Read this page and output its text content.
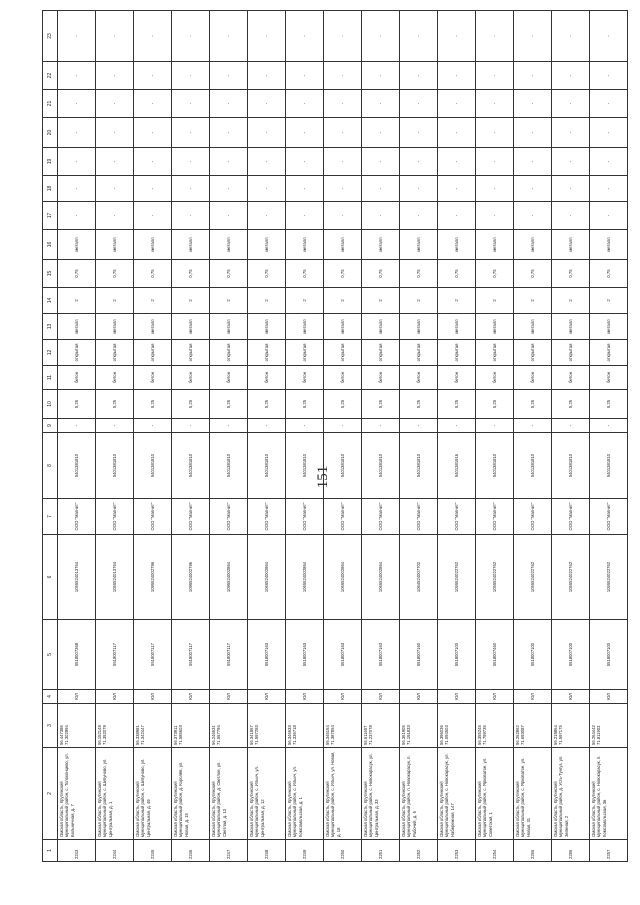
151
1	2	3	4	5	6	7	8	9	10	11	12	13	14	15	16	17	18	19	20	21	22	23
2243	Омская область, Крутинский муниципальный район, с. Толоконцево, ул. Больничная, д. 7	56.447386
71.302994	ЮЛ	5518007368	1055524013764	ООО "Магнит"	5401381810	-	5,25	бетон	открытая	металл	2	0,75	металл	-	-	-	-	-	-	-
2244	Омская область, Крутинский муниципальный район, с. Шипуново, ул. Центральная, д. 1	56.152149
71.352079	ЮЛ	5518007117	1055524013764	ООО "Магнит"	5401381810	-	5,25	бетон	открытая	металл	2	0,75	металл	-	-	-	-	-	-	-
2245	Омская область, Крутинский муниципальный район, с. Шипуново, ул. Центральная, д. 49	56.338981
71.342447	ЮЛ	5518007117	1095524002796	ООО "Магнит"	5401381810	-	5,25	бетон	открытая	металл	2	0,75	металл	-	-	-	-	-	-	-
2246	Омская область, Крутинский муниципальный район, д. Королёв, ул. Новая, д. 15	56.373911
71.585603	ЮЛ	5518007117	1095524002796	ООО "Магнит"	5401381810	-	5,25	бетон	открытая	металл	2	0,75	металл	-	-	-	-	-	-	-
2247	Омская область, Крутинский муниципальный район, д. Светлое, ул. Светлая, д. 13	56.246531
71.557794	ЮЛ	5518007117	1095524002864	ООО "Магнит"	5401381810	-	5,25	бетон	открытая	металл	2	0,75	металл	-	-	-	-	-	-	-
2248	Омская область, Крутинский муниципальный район, с. Ильич, ул. Центральная, д. 12	56.341867
71.597293	ЮЛ	5518007163	1065524002864	ООО "Магнит"	5401381810	-	5,25	бетон	открытая	металл	2	0,75	металл	-	-	-	-	-	-	-
2249	Омская область, Крутинский муниципальный район, с. Ильич, ул. Комсомольская, д. 1	56.346633
71.336718	ЮЛ	5518007163	1065524002864	ООО "Магнит"	5401381810	-	5,25	бетон	открытая	металл	2	0,75	металл	-	-	-	-	-	-	-
2250	Омская область, Крутинский муниципальный район, с. Ильич, ул. Новая, д. 18	56.346164
71.387854	ЮЛ	5518007163	1065524002864	ООО "Магнит"	5401381810	-	5,25	бетон	открытая	металл	2	0,75	металл	-	-	-	-	-	-	-
2251	Омская область, Крутинский муниципальный район, с. Новокарасук, ул. Центральная, д. 33	56.611657
71.237078	ЮЛ	5518007163	1065524002864	ООО "Магнит"	5401381810	-	5,25	бетон	открытая	металл	2	0,75	металл	-	-	-	-	-	-	-
2252	Омская область, Крутинский муниципальный район, п. Новокарасук, п. Рабочий, д. 6	56.361905
71.191833	ЮЛ	5518007160	1064524007702	ООО "Магнит"	5401381810	-	5,25	бетон	открытая	металл	2	0,75	металл	-	-	-	-	-	-	-
2253	Омская область, Крутинский муниципальный район, с. Новокарасук, ул. Набережная, 147	56.396036
71.094503	ЮЛ	5518007100	1055524022762	ООО "Магнит"	5401381916	-	5,25	бетон	открытая	металл	2	0,75	металл	-	-	-	-	-	-	-
2254	Омская область, Крутинский муниципальный район, с. Ярковатое, ул. Советская, 1	56.355245
71.799735	ЮЛ	5518007460	1055524022762	ООО "Магнит"	5401381810	-	5,25	бетон	открытая	металл	2	0,75	металл	-	-	-	-	-	-	-
2255	Омская область, Крутинский муниципальный район, с. Ярковатое, ул. Новая, 31	56.262862
71.693087	ЮЛ	5518007100	1055524022762	ООО "Магнит"	5401381810	-	5,25	бетон	открытая	металл	2	0,75	металл	-	-	-	-	-	-	-
2256	Омская область, Крутинский муниципальный район, д. Усть-Тунгуз, ул. Зеленая, 2	56.219864
71.597175	ЮЛ	5518007100	1055524022762	ООО "Магнит"	5401381810	-	5,25	бетон	открытая	металл	2	0,75	металл	-	-	-	-	-	-	-
2257	Омская область, Крутинский муниципальный район, с. Новокарасук, п. Комсомольская, 3в	56.264442
71.811903	ЮЛ	5518007100	1055524022762	ООО "Магнит"	5401381810	-	5,25	бетон	открытая	металл	2	0,75	металл	-	-	-	-	-	-	-
